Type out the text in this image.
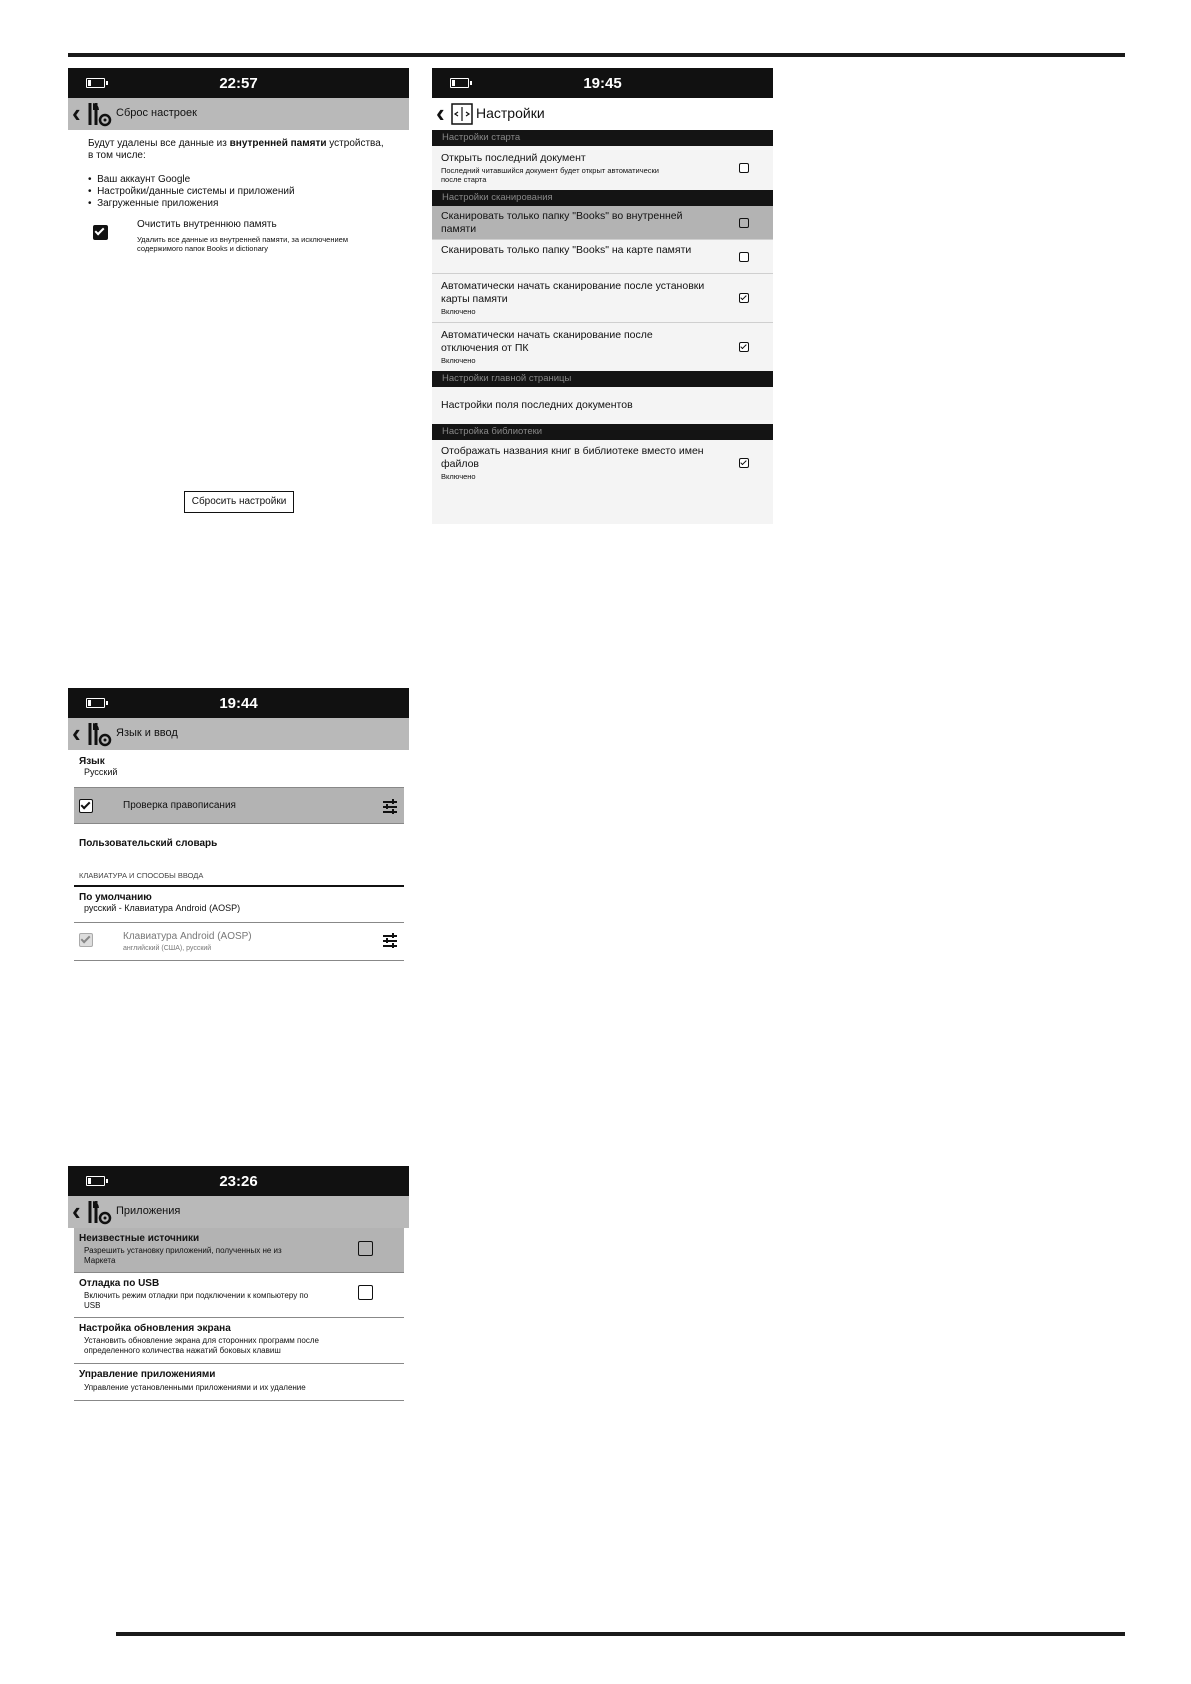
22:57
‹	Сброс настроек
Будут удалены все данные из внутренней памяти устройства,
в том числе:
•  Ваш аккаунт Google
•  Настройки/данные системы и приложений
•  Загруженные приложения
Очистить внутреннюю память
Удалить все данные из внутренней памяти, за исключением
содержимого папок Books и dictionary
Сбросить настройки
19:45
‹ Настройки
Настройки старта
Открыть последний документ
Последний читавшийся документ будет открыт автоматически
после старта
Настройки сканирования
Сканировать только папку "Books" во внутренней
памяти
Сканировать только папку "Books" на карте памяти
Автоматически начать сканирование после установки
карты памяти
Включено
Автоматически начать сканирование после
отключения от ПК
Включено
Настройки главной страницы
Настройки поля последних документов
Настройка библиотеки
Отображать названия книг в библиотеке вместо имен
файлов
Включено
19:44
‹	Язык и ввод
Язык
Русский
Проверка правописания
Пользовательский словарь
КЛАВИАТУРА И СПОСОБЫ ВВОДА
По умолчанию
русский - Клавиатура Android (AOSP)
Клавиатура Android (AOSP)
английский (США), русский
23:26
‹	Приложения
Неизвестные источники
Разрешить установку приложений, полученных не из
Маркета
Отладка по USB
Включить режим отладки при подключении к компьютеру по
USB
Настройка обновления экрана
Установить обновление экрана для сторонних программ после
определенного количества нажатий боковых клавиш
Управление приложениями
Управление установленными приложениями и их удаление
